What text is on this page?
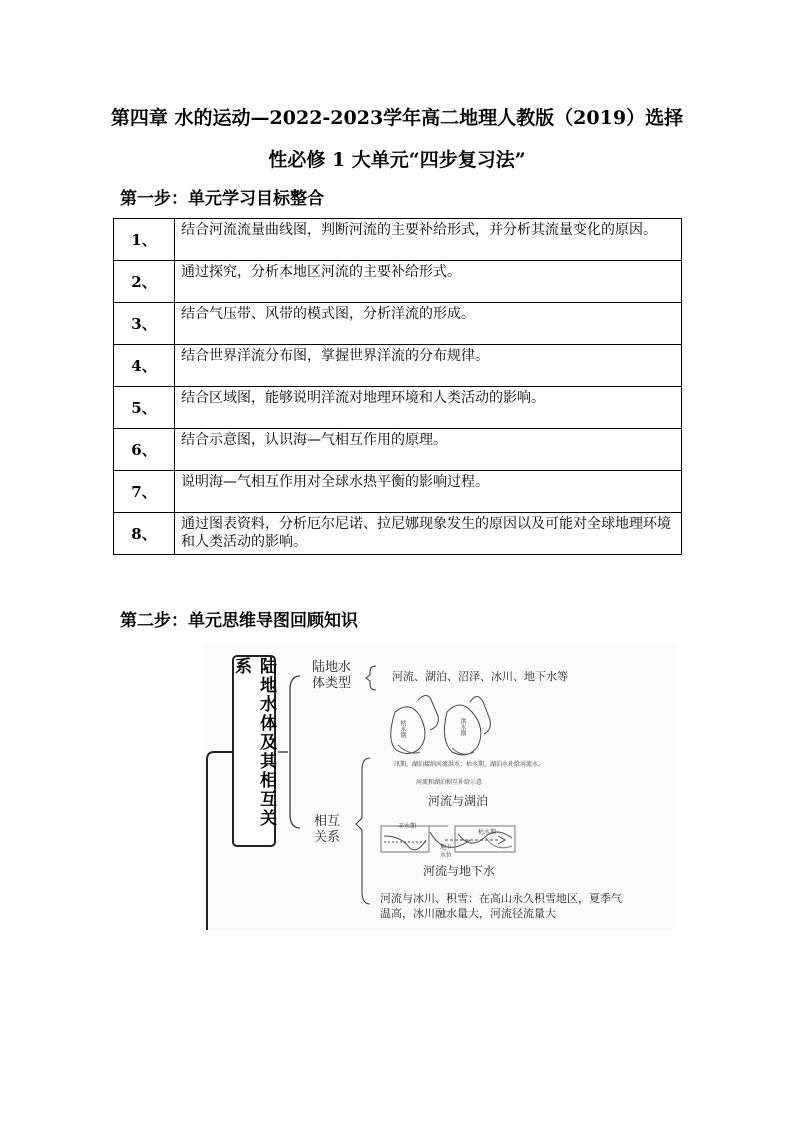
第四章 水的运动—2022-2023学年高二地理人教版（2019）选择
性必修 1 大单元“四步复习法”
第一步：单元学习目标整合
1、	结合河流流量曲线图，判断河流的主要补给形式，并分析其流量变化的原因。
2、	通过探究，分析本地区河流的主要补给形式。
3、	结合气压带、风带的模式图，分析洋流的形成。
4、	结合世界洋流分布图，掌握世界洋流的分布规律。
5、	结合区域图，能够说明洋流对地理环境和人类活动的影响。
6、	结合示意图，认识海—气相互作用的原理。
7、	说明海—气相互作用对全球水热平衡的影响过程。
8、	通过图表资料，分析厄尔尼诺、拉尼娜现象发生的原因以及可能对全球地理环境和人类活动的影响。
第二步：单元思维导图回顾知识
陆地水体及其相互关系	陆地水体类型	河流、湖泊、沼泽、冰川、地下水等
相互关系
枯水期	洪水期
汛期，湖泊接纳河流洪水；枯水期，湖泊水补给河流水。
河流和湖泊相互补给示意
河流与湖泊
丰水期
枯水期
地下水位
河流与地下水
河流与冰川、积雪：在高山永久积雪地区，夏季气
温高，冰川融水量大，河流径流量大
